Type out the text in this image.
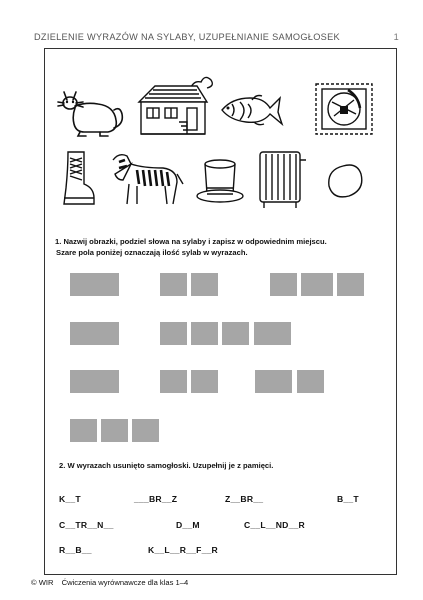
DZIELENIE WYRAZÓW NA SYLABY, UZUPEŁNIANIE SAMOGŁOSEK	1
1. Nazwij obrazki, podziel słowa na sylaby i zapisz w odpowiednim miejscu.
Szare pola poniżej oznaczają ilość sylab w wyrazach.
2. W wyrazach usunięto samogłoski. Uzupełnij je z pamięci.
K__T	___BR__Z	Z__BR__	B__T
C__TR__N__	D__M	C__L__ND__R
R__B__	K__L__R__F__R
© WIR Ćwiczenia wyrównawcze dla klas 1–4
